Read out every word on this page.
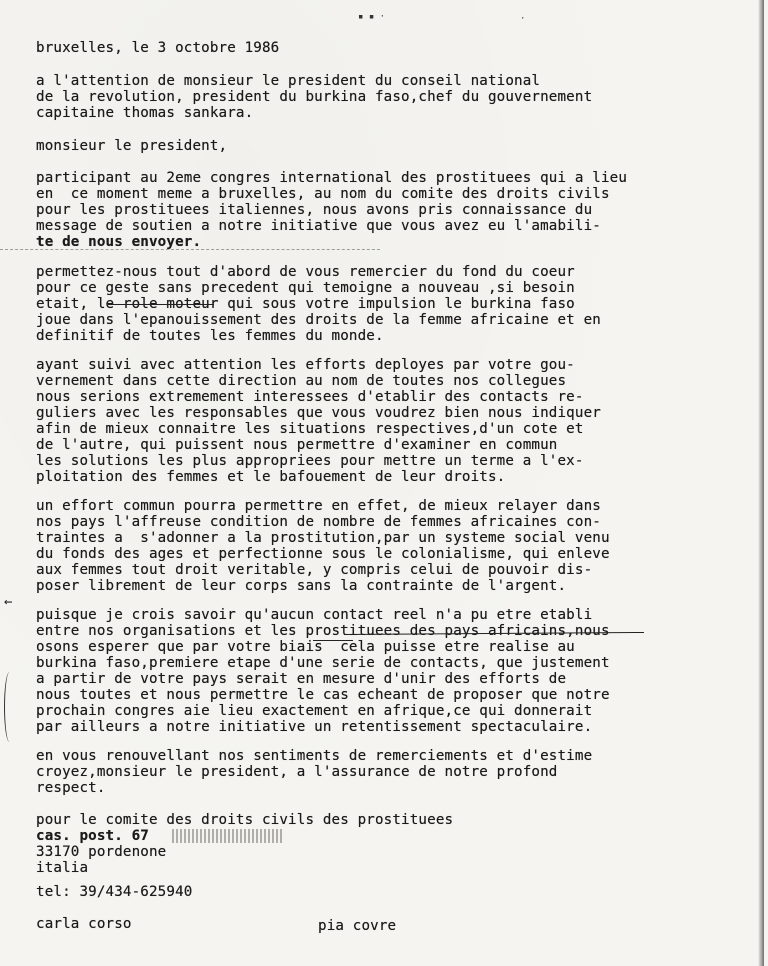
▪ ▪ ·	·
bruxelles, le 3 octobre 1986
a l'attention de monsieur le president du conseil national
de la revolution, president du burkina faso,chef du gouvernement
capitaine thomas sankara.
monsieur le president,
participant au 2eme congres international des prostituees qui a lieu
en  ce moment meme a bruxelles, au nom du comite des droits civils
pour les prostituees italiennes, nous avons pris connaissance du
message de soutien a notre initiative que vous avez eu l'amabili-
te de nous envoyer.
permettez-nous tout d'abord de vous remercier du fond du coeur
pour ce geste sans precedent qui temoigne a nouveau ,si besoin
etait, le role moteur qui sous votre impulsion le burkina faso
joue dans l'epanouissement des droits de la femme africaine et en
definitif de toutes les femmes du monde.
ayant suivi avec attention les efforts deployes par votre gou-
vernement dans cette direction au nom de toutes nos collegues
nous serions extremement interessees d'etablir des contacts re-
guliers avec les responsables que vous voudrez bien nous indiquer
afin de mieux connaitre les situations respectives,d'un cote et
de l'autre, qui puissent nous permettre d'examiner en commun
les solutions les plus appropriees pour mettre un terme a l'ex-
ploitation des femmes et le bafouement de leur droits.
un effort commun pourra permettre en effet, de mieux relayer dans
nos pays l'affreuse condition de nombre de femmes africaines con-
traintes a  s'adonner a la prostitution,par un systeme social venu
du fonds des ages et perfectionne sous le colonialisme, qui enleve
aux femmes tout droit veritable, y compris celui de pouvoir dis-
poser librement de leur corps sans la contrainte de l'argent.
←
puisque je crois savoir qu'aucun contact reel n'a pu etre etabli
entre nos organisations et les prostituees des pays africains,nous
osons esperer que par votre biais  cela puisse etre realise au
burkina faso,premiere etape d'une serie de contacts, que justement
a partir de votre pays serait en mesure d'unir des efforts de
nous toutes et nous permettre le cas echeant de proposer que notre
prochain congres aie lieu exactement en afrique,ce qui donnerait
par ailleurs a notre initiative un retentissement spectaculaire.
en vous renouvellant nos sentiments de remerciements et d'estime
croyez,monsieur le president, a l'assurance de notre profond
respect.
pour le comite des droits civils des prostituees
cas. post. 67
33170 pordenone
italia
tel: 39/434-625940
carla corso	pia covre
